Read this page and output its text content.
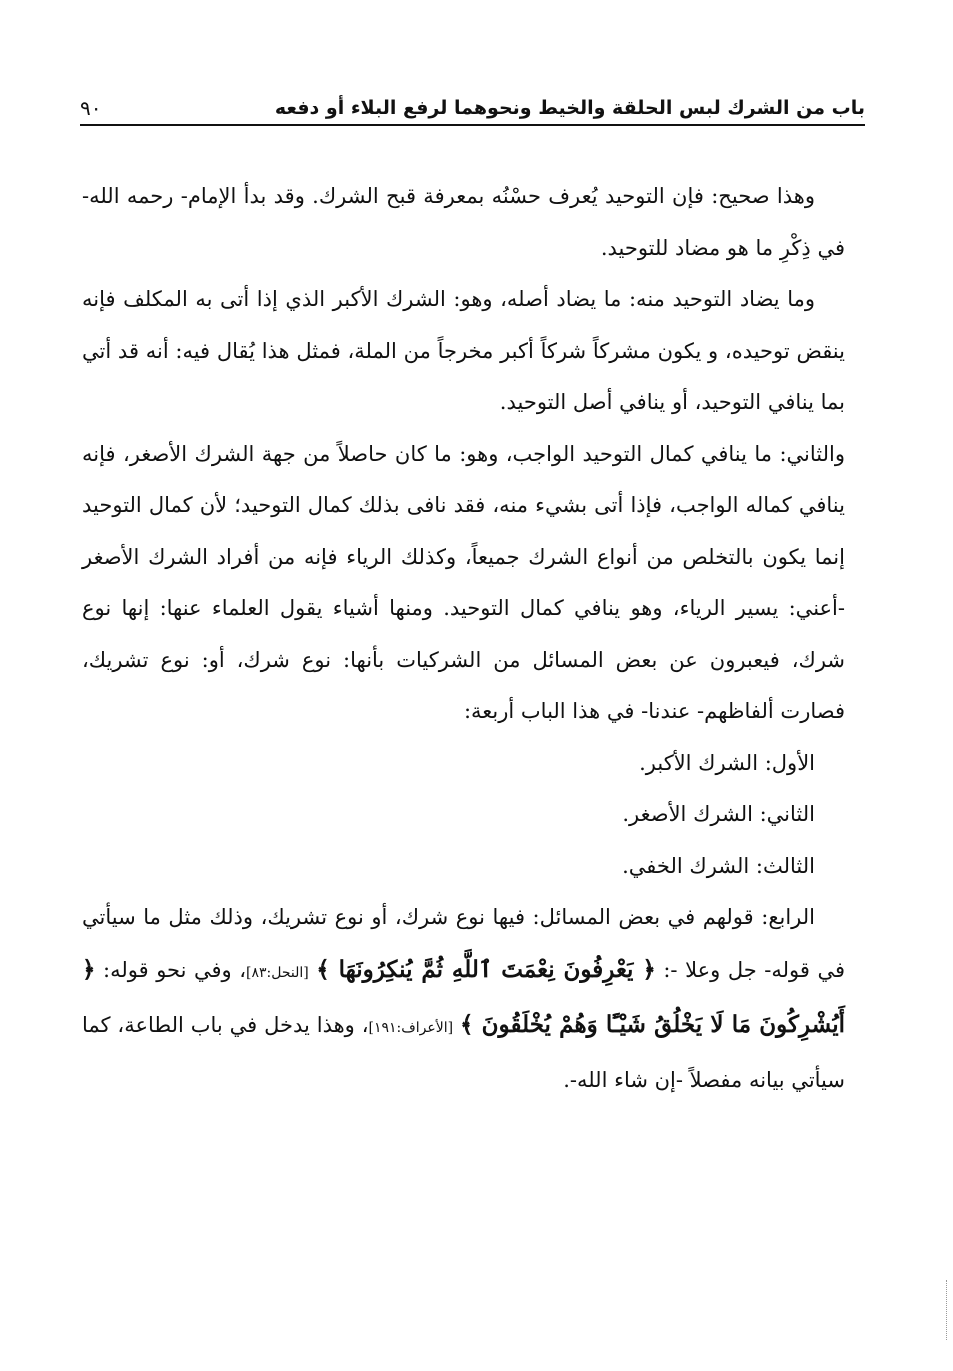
باب من الشرك لبس الحلقة والخيط ونحوهما لرفع البلاء أو دفعه
٩٠

وهذا صحيح: فإن التوحيد يُعرف حسْنُه بمعرفة قبح الشرك. وقد بدأ الإمام- رحمه الله- في ذِكْرِ ما هو مضاد للتوحيد.

وما يضاد التوحيد منه: ما يضاد أصله، وهو: الشرك الأكبر الذي إذا أتى به المكلف فإنه ينقض توحيده، و يكون مشركاً شركاً أكبر مخرجاً من الملة، فمثل هذا يُقال فيه: أنه قد أتي بما ينافي التوحيد، أو ينافي أصل التوحيد.

والثاني: ما ينافي كمال التوحيد الواجب، وهو: ما كان حاصلاً من جهة الشرك الأصغر، فإنه ينافي كماله الواجب، فإذا أتى بشيء منه، فقد نافى بذلك كمال التوحيد؛ لأن كمال التوحيد إنما يكون بالتخلص من أنواع الشرك جميعاً، وكذلك الرياء فإنه من أفراد الشرك الأصغر -أعني: يسير الرياء، وهو ينافي كمال التوحيد. ومنها أشياء يقول العلماء عنها: إنها نوع شرك، فيعبرون عن بعض المسائل من الشركيات بأنها: نوع شرك، أو: نوع تشريك، فصارت ألفاظهم- عندنا- في هذا الباب أربعة:

الأول: الشرك الأكبر.

الثاني: الشرك الأصغر.

الثالث: الشرك الخفي.

الرابع: قولهم في بعض المسائل: فيها نوع شرك، أو نوع تشريك، وذلك مثل ما سيأتي في قوله- جل وعلا -: ﴿ يَعْرِفُونَ نِعْمَتَ ٱللَّهِ ثُمَّ يُنكِرُونَهَا ﴾ [النحل:٨٣]، وفي نحو قوله: ﴿ أَيُشْرِكُونَ مَا لَا يَخْلُقُ شَيْـًٔا وَهُمْ يُخْلَقُونَ ﴾ [الأعراف:١٩١]، وهذا يدخل في باب الطاعة، كما سيأتي بيانه مفصلاً -إن شاء الله-.
